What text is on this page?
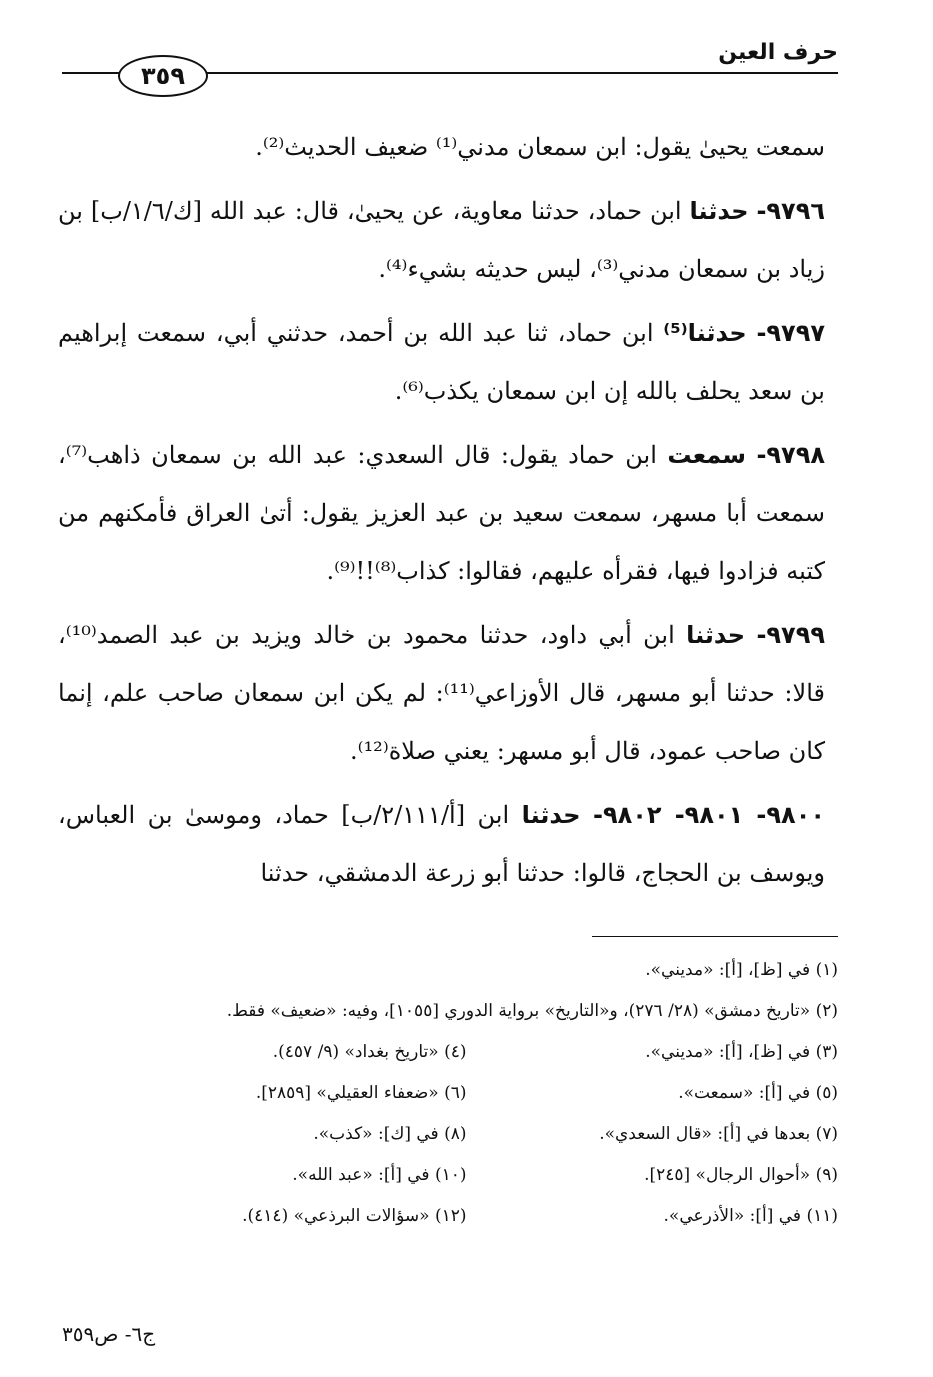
حرف العين
٣٥٩

سمعت يحيىٰ يقول: ابن سمعان مدني⁽¹⁾ ضعيف الحديث⁽²⁾.

٩٧٩٦- حدثنا ابن حماد، حدثنا معاوية، عن يحيىٰ، قال: عبد الله [ك/١/٦/ب] بن زياد بن سمعان مدني⁽³⁾، ليس حديثه بشيء⁽⁴⁾.

٩٧٩٧- حدثنا⁽⁵⁾ ابن حماد، ثنا عبد الله بن أحمد، حدثني أبي، سمعت إبراهيم بن سعد يحلف بالله إن ابن سمعان يكذب⁽⁶⁾.

٩٧٩٨- سمعت ابن حماد يقول: قال السعدي: عبد الله بن سمعان ذاهب⁽⁷⁾، سمعت أبا مسهر، سمعت سعيد بن عبد العزيز يقول: أتىٰ العراق فأمكنهم من كتبه فزادوا فيها، فقرأه عليهم، فقالوا: كذاب⁽⁸⁾!!⁽⁹⁾.

٩٧٩٩- حدثنا ابن أبي داود، حدثنا محمود بن خالد ويزيد بن عبد الصمد⁽¹⁰⁾، قالا: حدثنا أبو مسهر، قال الأوزاعي⁽¹¹⁾: لم يكن ابن سمعان صاحب علم، إنما كان صاحب عمود، قال أبو مسهر: يعني صلاة⁽¹²⁾.

٩٨٠٠- ٩٨٠١- ٩٨٠٢- حدثنا ابن [أ/٢/١١١/ب] حماد، وموسىٰ بن العباس، ويوسف بن الحجاج، قالوا: حدثنا أبو زرعة الدمشقي، حدثنا

(١) في [ظ]، [أ]: «مديني».
(٢) «تاريخ دمشق» (٢٨/ ٢٧٦)، و«التاريخ» برواية الدوري [١٠٥٥]، وفيه: «ضعيف» فقط.
(٣) في [ظ]، [أ]: «مديني».
(٤) «تاريخ بغداد» (٩/ ٤٥٧).
(٥) في [أ]: «سمعت».
(٦) «ضعفاء العقيلي» [٢٨٥٩].
(٧) بعدها في [أ]: «قال السعدي».
(٨) في [ك]: «كذب».
(٩) «أحوال الرجال» [٢٤٥].
(١٠) في [أ]: «عبد الله».
(١١) في [أ]: «الأذرعي».
(١٢) «سؤالات البرذعي» (٤١٤).
ج٦- ص٣٥٩
